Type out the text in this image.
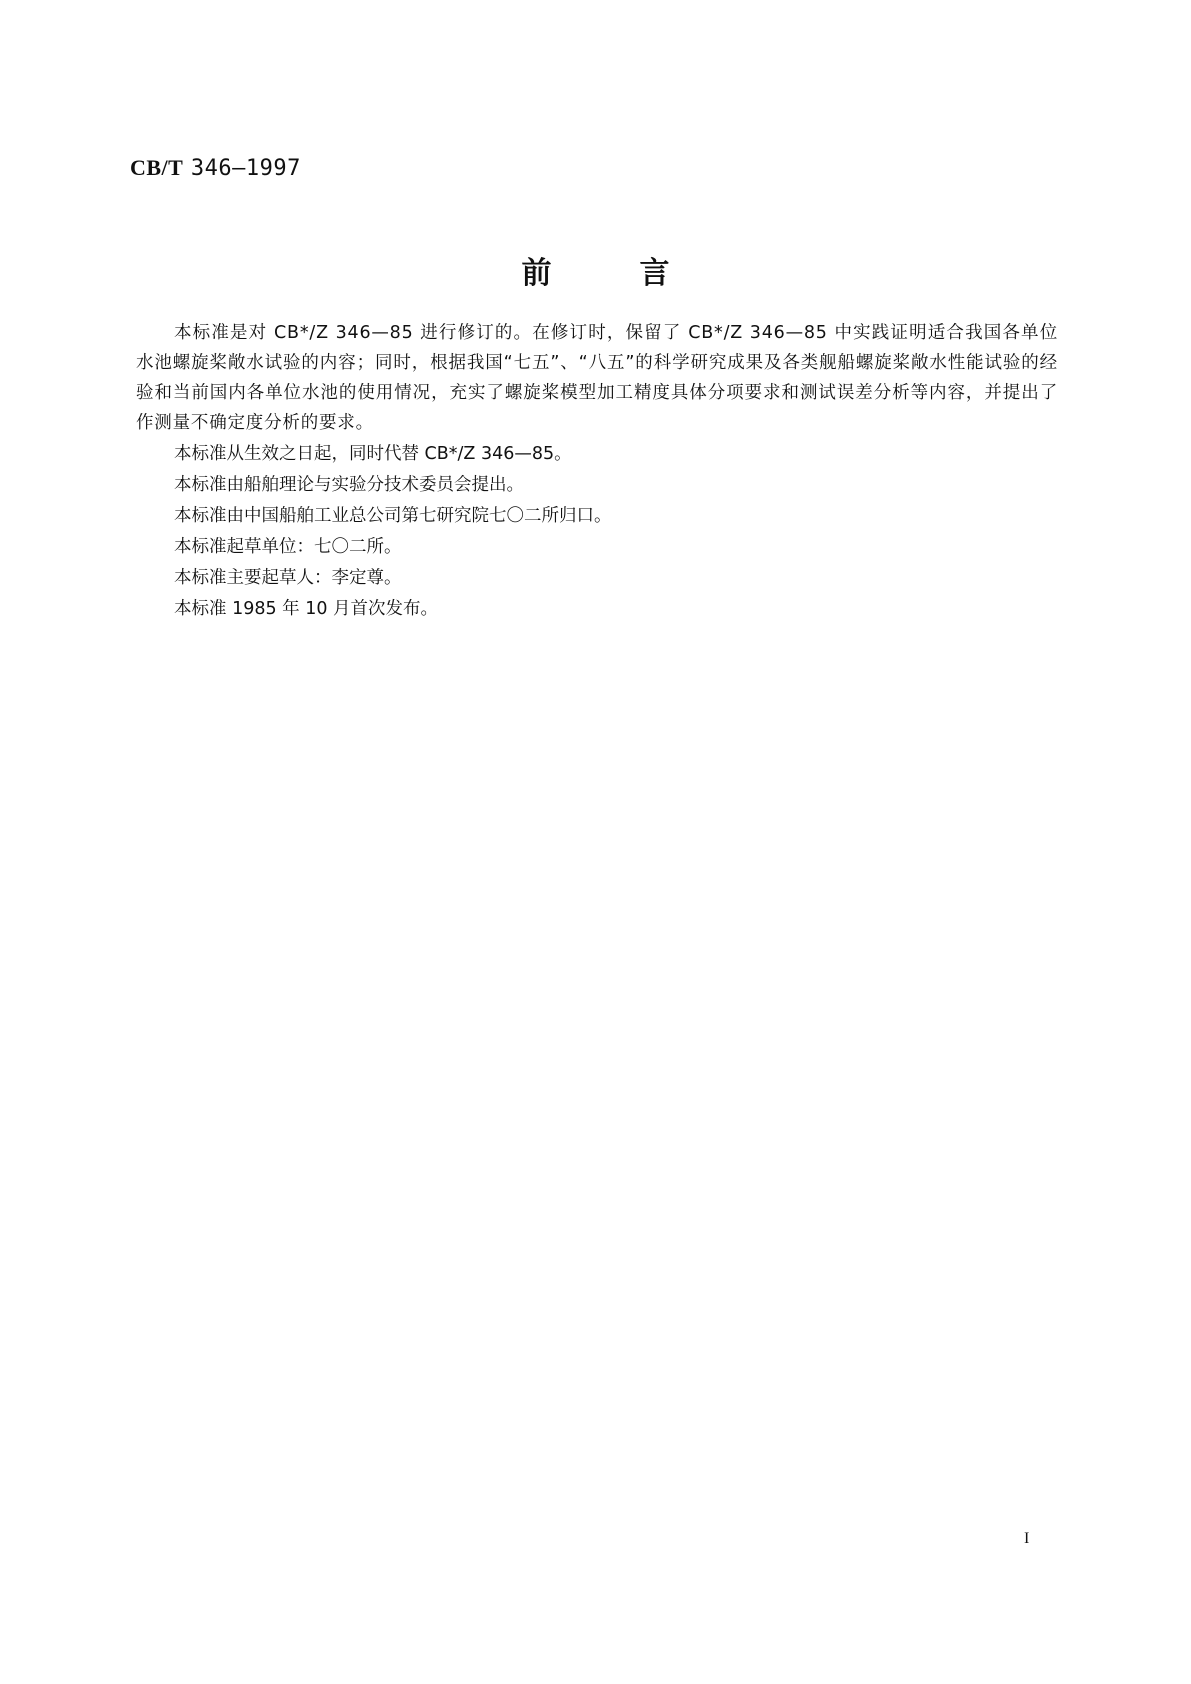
CB/T 346—1997
前言

本标准是对 CB*/Z 346—85 进行修订的。在修订时，保留了 CB*/Z 346—85 中实践证明适合我国各单位水池螺旋桨敞水试验的内容；同时，根据我国“七五”、“八五”的科学研究成果及各类舰船螺旋桨敞水性能试验的经验和当前国内各单位水池的使用情况，充实了螺旋桨模型加工精度具体分项要求和测试误差分析等内容，并提出了作测量不确定度分析的要求。

本标准从生效之日起，同时代替 CB*/Z 346—85。

本标准由船舶理论与实验分技术委员会提出。

本标准由中国船舶工业总公司第七研究院七〇二所归口。

本标准起草单位：七〇二所。

本标准主要起草人：李定尊。

本标准 1985 年 10 月首次发布。

I
